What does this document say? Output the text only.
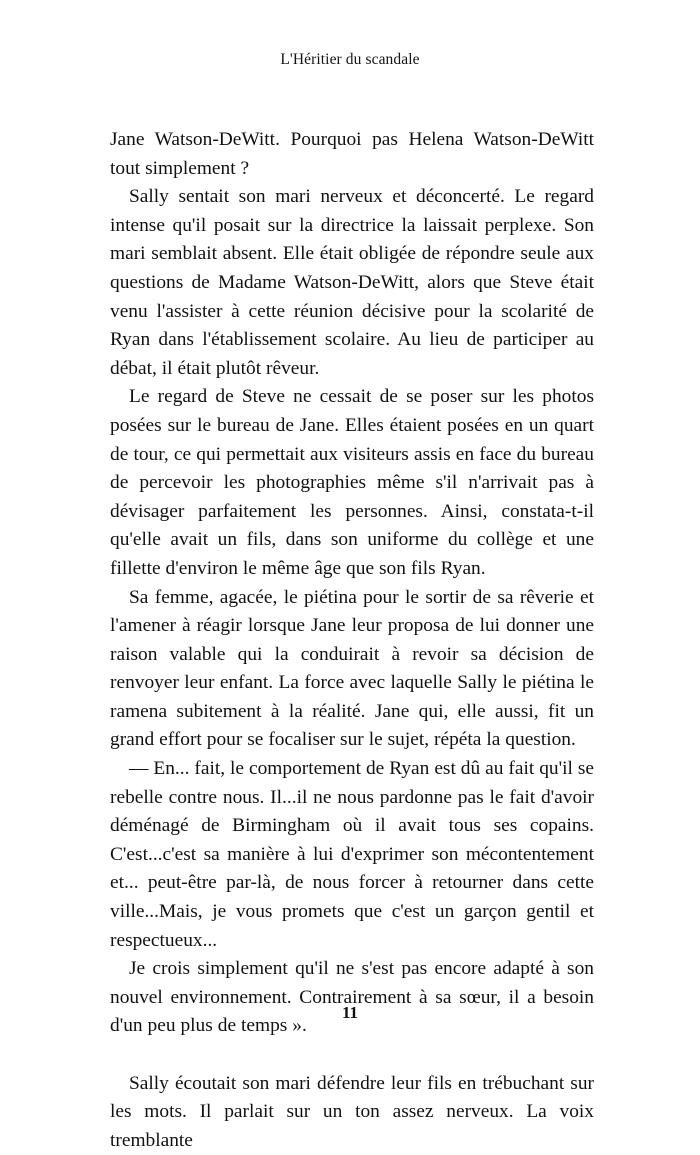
L'Héritier du scandale

Jane Watson-DeWitt. Pourquoi pas Helena Watson-DeWitt tout simplement ?

Sally sentait son mari nerveux et déconcerté. Le regard intense qu'il posait sur la directrice la laissait perplexe. Son mari semblait absent. Elle était obligée de répondre seule aux questions de Madame Watson-DeWitt, alors que Steve était venu l'assister à cette réunion décisive pour la scolarité de Ryan dans l'établissement scolaire. Au lieu de participer au débat, il était plutôt rêveur.

Le regard de Steve ne cessait de se poser sur les photos posées sur le bureau de Jane. Elles étaient posées en un quart de tour, ce qui permettait aux visiteurs assis en face du bureau de percevoir les photographies même s'il n'arrivait pas à dévisager parfaitement les personnes. Ainsi, constata-t-il qu'elle avait un fils, dans son uniforme du collège et une fillette d'environ le même âge que son fils Ryan.

Sa femme, agacée, le piétina pour le sortir de sa rêverie et l'amener à réagir lorsque Jane leur proposa de lui donner une raison valable qui la conduirait à revoir sa décision de renvoyer leur enfant. La force avec laquelle Sally le piétina le ramena subitement à la réalité. Jane qui, elle aussi, fit un grand effort pour se focaliser sur le sujet, répéta la question.

— En... fait, le comportement de Ryan est dû au fait qu'il se rebelle contre nous. Il...il ne nous pardonne pas le fait d'avoir déménagé de Birmingham où il avait tous ses copains. C'est...c'est sa manière à lui d'exprimer son mécontentement et... peut-être par-là, de nous forcer à retourner dans cette ville...Mais, je vous promets que c'est un garçon gentil et respectueux...

Je crois simplement qu'il ne s'est pas encore adapté à son nouvel environnement. Contrairement à sa sœur, il a besoin d'un peu plus de temps ».

Sally écoutait son mari défendre leur fils en trébuchant sur les mots. Il parlait sur un ton assez nerveux. La voix tremblante

11
